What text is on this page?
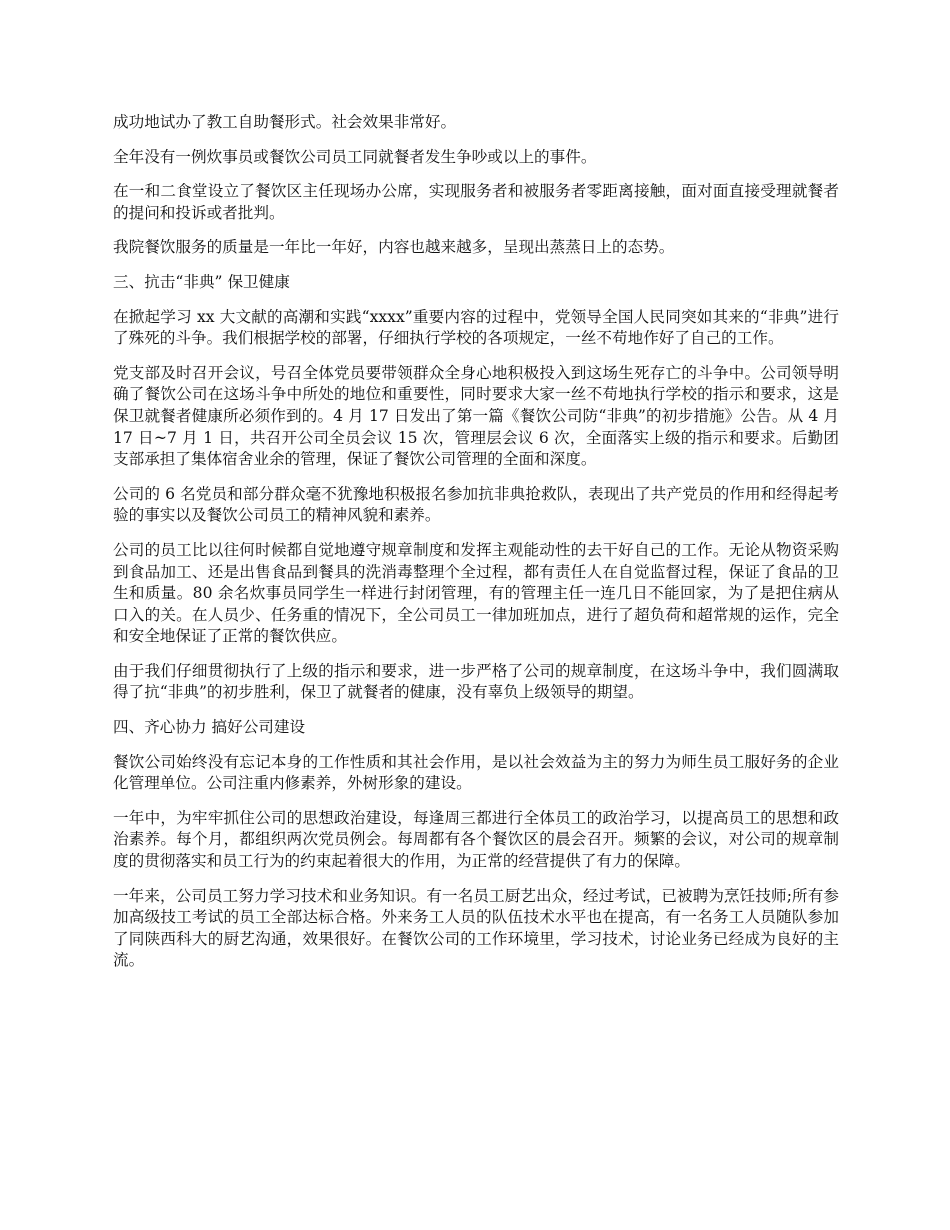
成功地试办了教工自助餐形式。社会效果非常好。

全年没有一例炊事员或餐饮公司员工同就餐者发生争吵或以上的事件。

在一和二食堂设立了餐饮区主任现场办公席，实现服务者和被服务者零距离接触，面对面直接受理就餐者的提问和投诉或者批判。

我院餐饮服务的质量是一年比一年好，内容也越来越多，呈现出蒸蒸日上的态势。

三、抗击“非典” 保卫健康

在掀起学习 xx 大文献的高潮和实践“xxxx”重要内容的过程中，党领导全国人民同突如其来的“非典”进行了殊死的斗争。我们根据学校的部署，仔细执行学校的各项规定，一丝不苟地作好了自己的工作。

党支部及时召开会议，号召全体党员要带领群众全身心地积极投入到这场生死存亡的斗争中。公司领导明确了餐饮公司在这场斗争中所处的地位和重要性，同时要求大家一丝不苟地执行学校的指示和要求，这是保卫就餐者健康所必须作到的。4 月 17 日发出了第一篇《餐饮公司防“非典”的初步措施》公告。从 4 月 17 日~7 月 1 日，共召开公司全员会议 15 次，管理层会议 6 次，全面落实上级的指示和要求。后勤团支部承担了集体宿舍业余的管理，保证了餐饮公司管理的全面和深度。

公司的 6 名党员和部分群众毫不犹豫地积极报名参加抗非典抢救队，表现出了共产党员的作用和经得起考验的事实以及餐饮公司员工的精神风貌和素养。

公司的员工比以往何时候都自觉地遵守规章制度和发挥主观能动性的去干好自己的工作。无论从物资采购到食品加工、还是出售食品到餐具的洗消毒整理个全过程，都有责任人在自觉监督过程，保证了食品的卫生和质量。80 余名炊事员同学生一样进行封闭管理，有的管理主任一连几日不能回家，为了是把住病从口入的关。在人员少、任务重的情况下，全公司员工一律加班加点，进行了超负荷和超常规的运作，完全和安全地保证了正常的餐饮供应。

由于我们仔细贯彻执行了上级的指示和要求，进一步严格了公司的规章制度，在这场斗争中，我们圆满取得了抗“非典”的初步胜利，保卫了就餐者的健康，没有辜负上级领导的期望。

四、齐心协力 搞好公司建设

餐饮公司始终没有忘记本身的工作性质和其社会作用，是以社会效益为主的努力为师生员工服好务的企业化管理单位。公司注重内修素养，外树形象的建设。

一年中，为牢牢抓住公司的思想政治建设，每逢周三都进行全体员工的政治学习，以提高员工的思想和政治素养。每个月，都组织两次党员例会。每周都有各个餐饮区的晨会召开。频繁的会议，对公司的规章制度的贯彻落实和员工行为的约束起着很大的作用，为正常的经营提供了有力的保障。

一年来，公司员工努力学习技术和业务知识。有一名员工厨艺出众，经过考试，已被聘为烹饪技师;所有参加高级技工考试的员工全部达标合格。外来务工人员的队伍技术水平也在提高，有一名务工人员随队参加了同陕西科大的厨艺沟通，效果很好。在餐饮公司的工作环境里，学习技术，讨论业务已经成为良好的主流。
